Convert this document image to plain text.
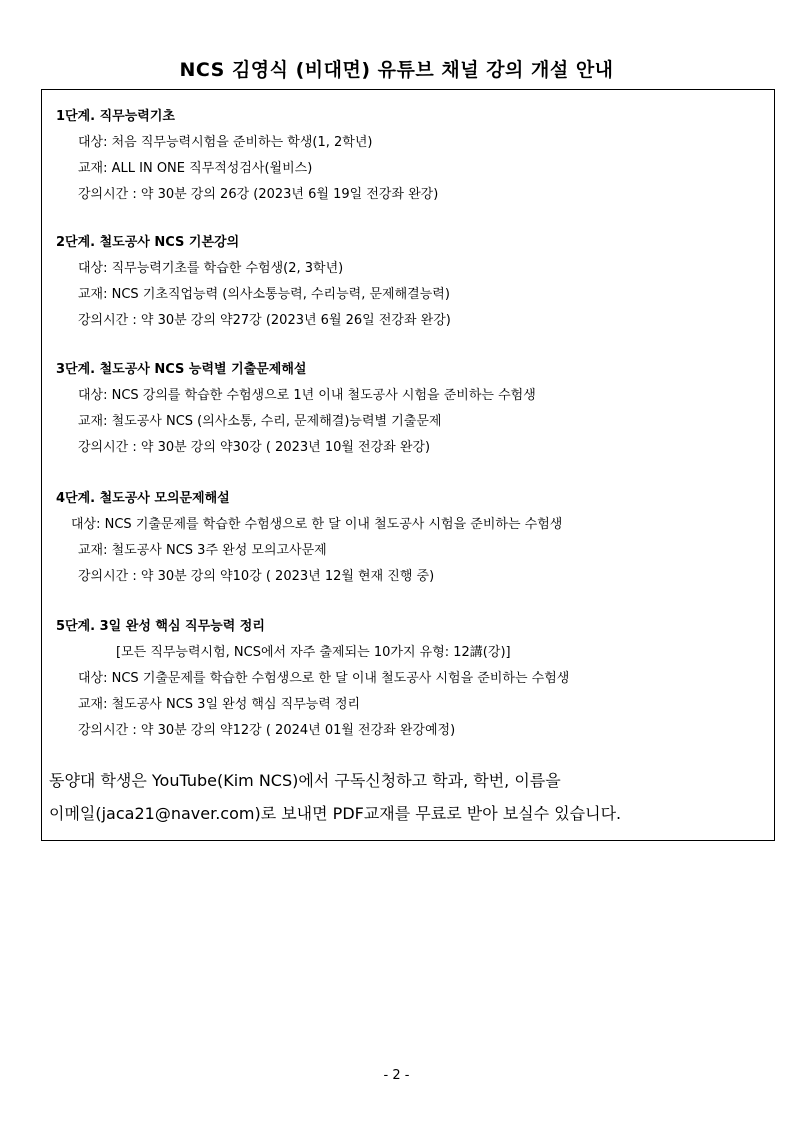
NCS 김영식 (비대면) 유튜브 채널 강의 개설 안내
1단계. 직무능력기초
대상: 처음 직무능력시험을 준비하는 학생(1, 2학년)
교재: ALL IN ONE 직무적성검사(윌비스)
강의시간 : 약 30분 강의 26강 (2023년 6월 19일 전강좌 완강)
2단계. 철도공사 NCS 기본강의
대상: 직무능력기초를 학습한 수험생(2, 3학년)
교재: NCS 기초직업능력 (의사소통능력, 수리능력, 문제해결능력)
강의시간 : 약 30분 강의 약27강 (2023년 6월 26일 전강좌 완강)
3단계. 철도공사 NCS 능력별 기출문제해설
대상: NCS 강의를 학습한 수험생으로 1년 이내 철도공사 시험을 준비하는 수험생
교재: 철도공사 NCS (의사소통, 수리, 문제해결)능력별 기출문제
강의시간 : 약 30분 강의 약30강 ( 2023년 10월 전강좌 완강)
4단계. 철도공사 모의문제해설
대상: NCS 기출문제를 학습한 수험생으로 한 달 이내 철도공사 시험을 준비하는 수험생
교재: 철도공사 NCS 3주 완성 모의고사문제
강의시간 : 약 30분 강의 약10강 ( 2023년 12월 현재 진행 중)
5단계. 3일 완성 핵심 직무능력 정리
[모든 직무능력시험, NCS에서 자주 출제되는 10가지 유형: 12講(강)]
대상: NCS 기출문제를 학습한 수험생으로 한 달 이내 철도공사 시험을 준비하는 수험생
교재: 철도공사 NCS 3일 완성 핵심 직무능력 정리
강의시간 : 약 30분 강의 약12강 ( 2024년 01월 전강좌 완강예정)
동양대 학생은 YouTube(Kim NCS)에서 구독신청하고 학과, 학번, 이름을
이메일(jaca21@naver.com)로 보내면 PDF교재를 무료로 받아 보실수 있습니다.
- 2 -
